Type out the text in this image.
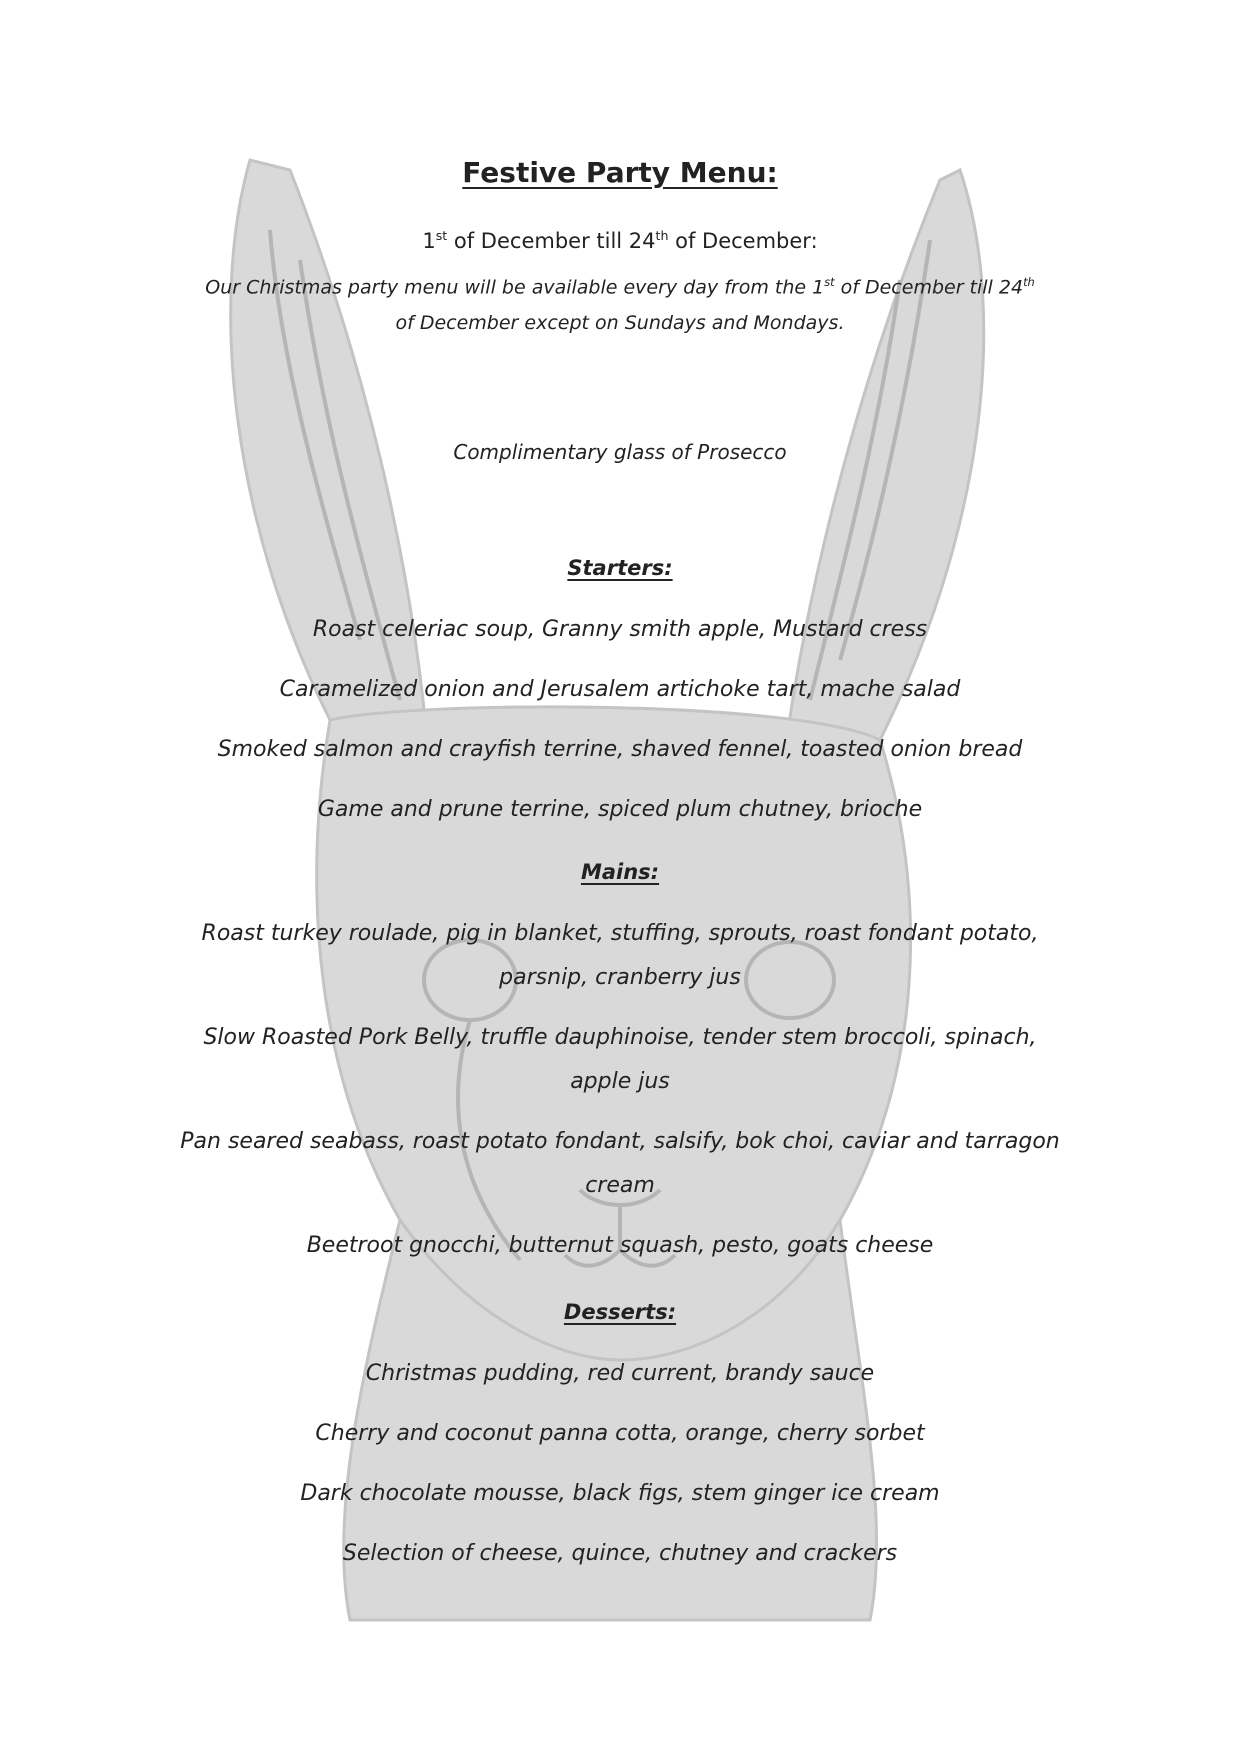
Festive Party Menu:

1st of December till 24th of December:

Our Christmas party menu will be available every day from the 1st of December till 24th
of December except on Sundays and Mondays.

Complimentary glass of Prosecco

Starters:

Roast celeriac soup, Granny smith apple, Mustard cress

Caramelized onion and Jerusalem artichoke tart, mache salad

Smoked salmon and crayfish terrine, shaved fennel, toasted onion bread

Game and prune terrine, spiced plum chutney, brioche

Mains:

Roast turkey roulade, pig in blanket, stuffing, sprouts, roast fondant potato,
parsnip, cranberry jus

Slow Roasted Pork Belly, truffle dauphinoise, tender stem broccoli, spinach,
apple jus

Pan seared seabass, roast potato fondant, salsify, bok choi, caviar and tarragon
cream

Beetroot gnocchi, butternut squash, pesto, goats cheese

Desserts:

Christmas pudding, red current, brandy sauce

Cherry and coconut panna cotta, orange, cherry sorbet

Dark chocolate mousse, black figs, stem ginger ice cream

Selection of cheese, quince, chutney and crackers
